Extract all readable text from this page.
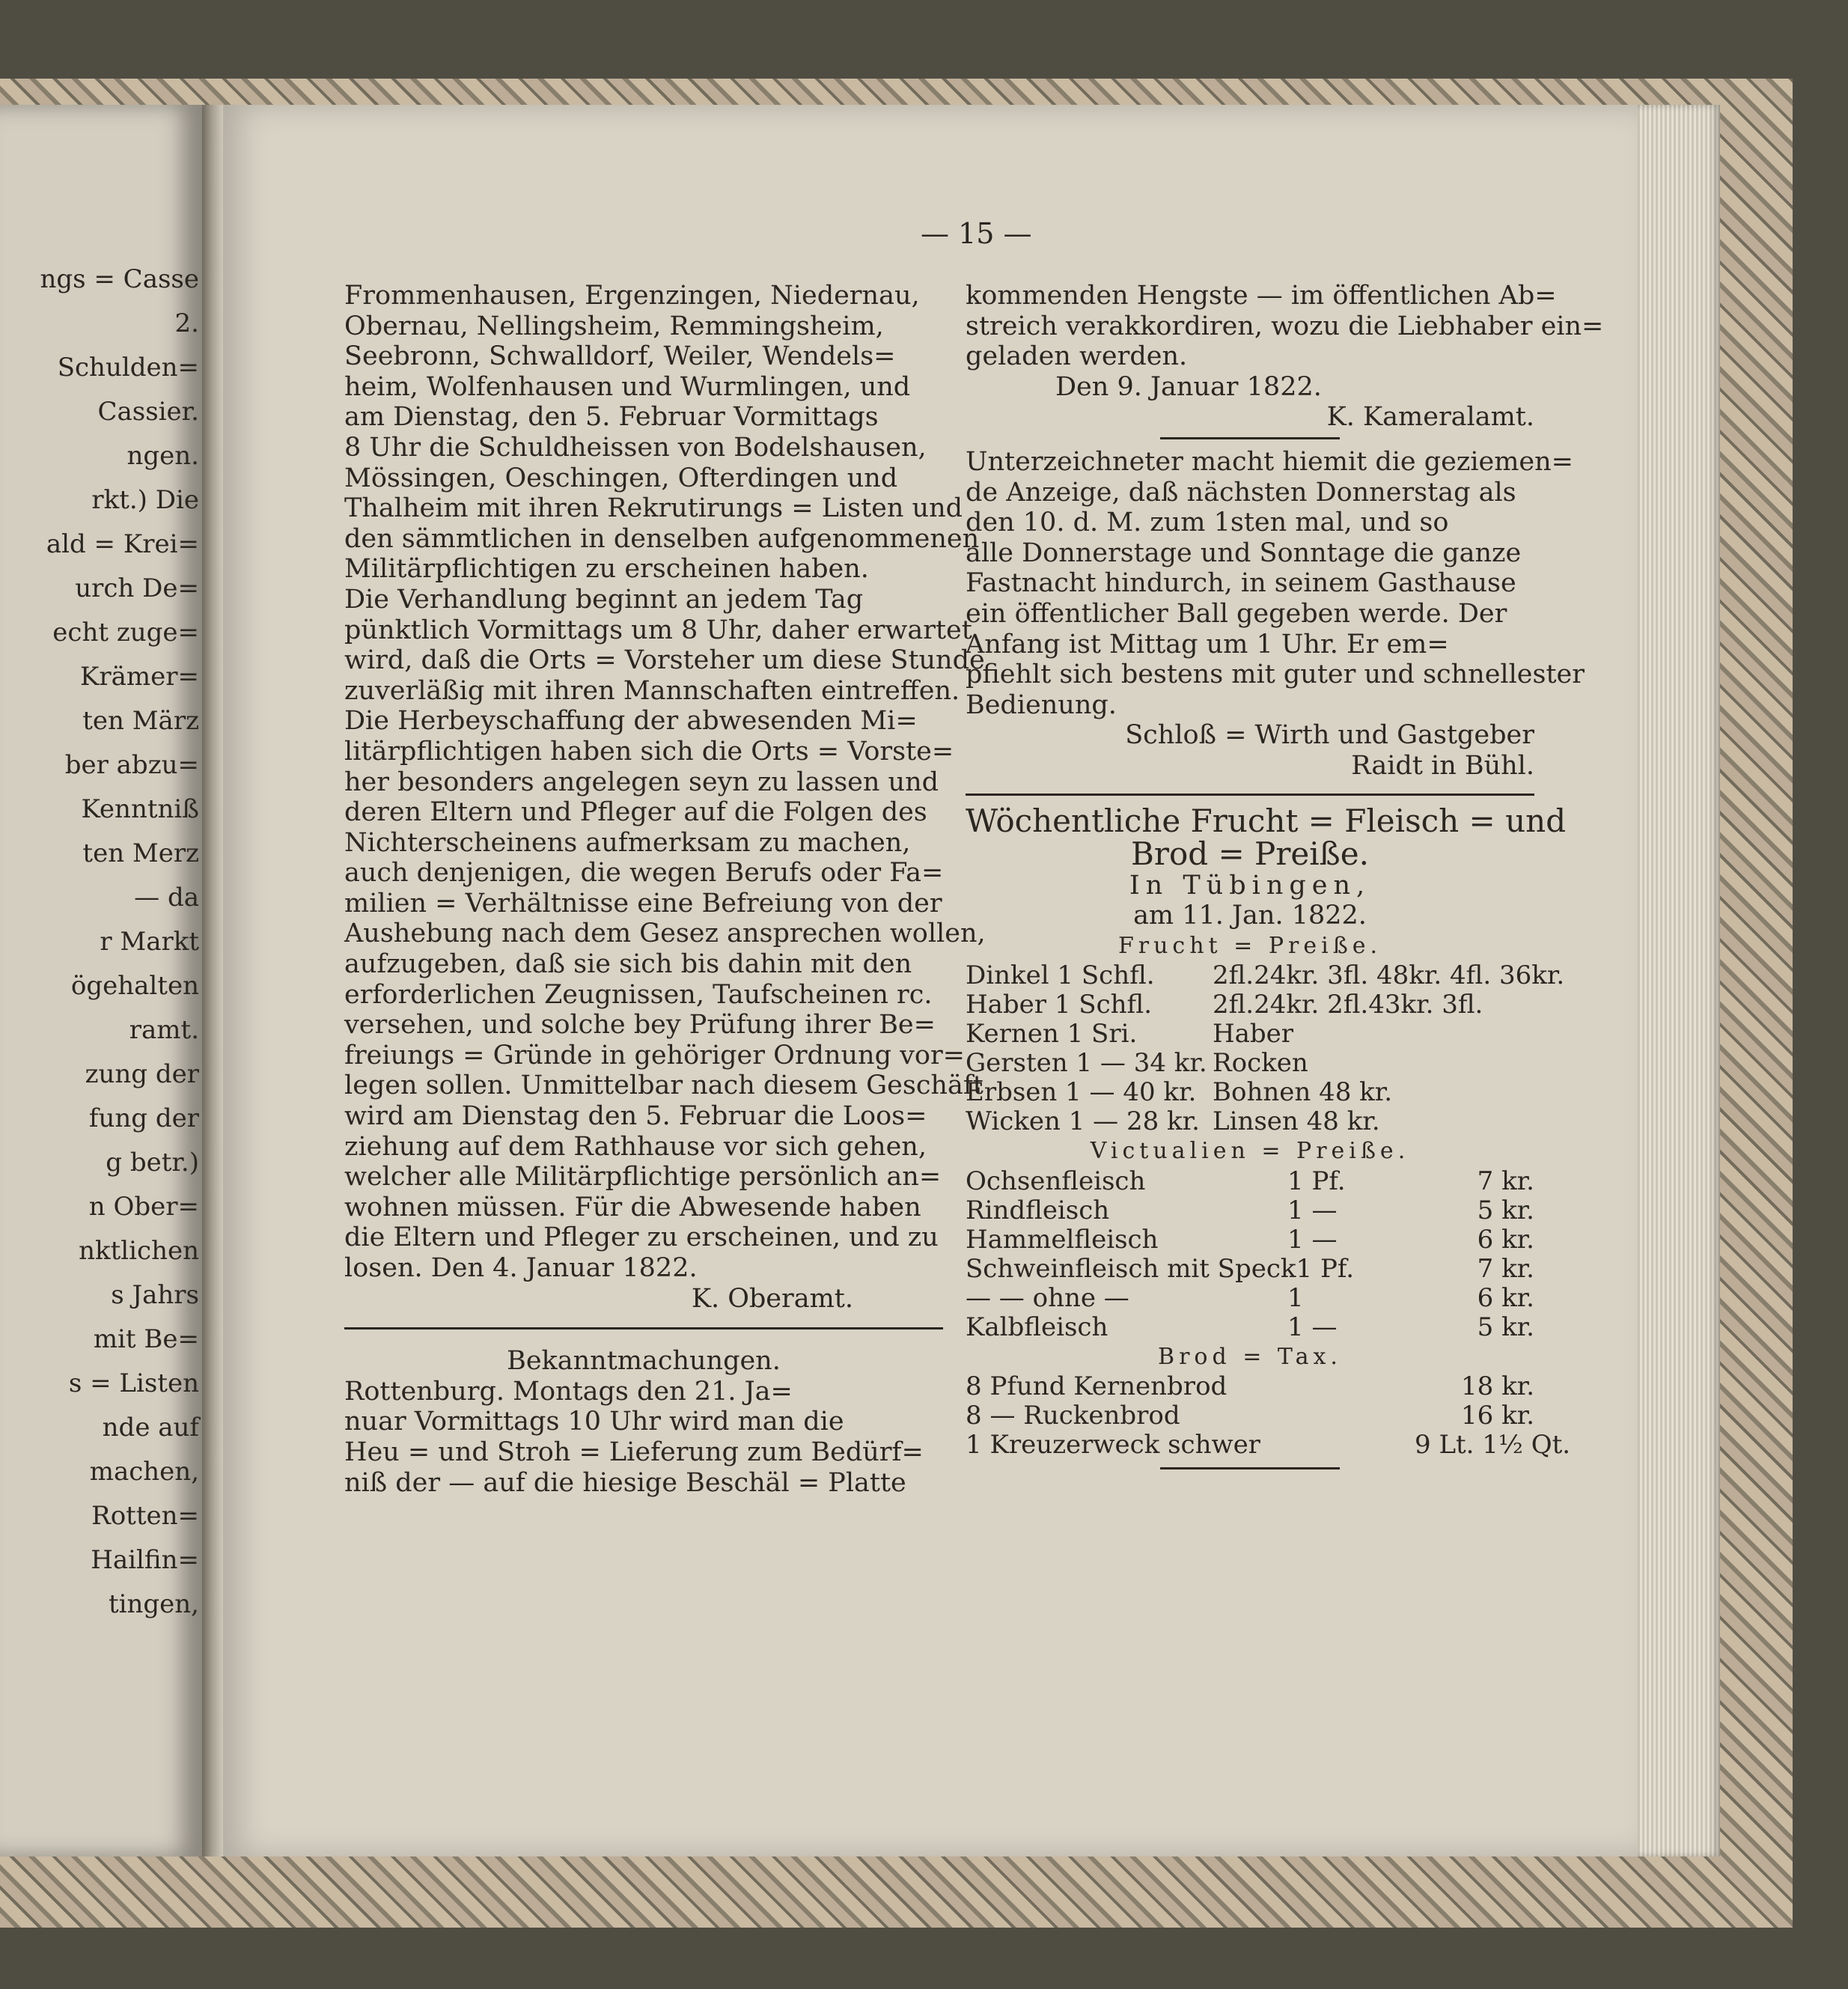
ngs = Casse
2.
Schulden=
Cassier.
ngen.
rkt.) Die
ald = Krei=
urch De=
echt zuge=
Krämer=
ten März
ber abzu=
Kenntniß
ten Merz
— da
r Markt
ögehalten
ramt.
zung der
fung der
g betr.)
n Ober=
nktlichen
s Jahrs
mit Be=
s = Listen
nde auf
machen,
Rotten=
Hailfin=
tingen,
— 15 —
Frommenhausen, Ergenzingen, Niedernau,
Obernau, Nellingsheim, Remmingsheim,
Seebronn, Schwalldorf, Weiler, Wendels=
heim, Wolfenhausen und Wurmlingen, und
am Dienstag, den 5. Februar Vormittags
8 Uhr die Schuldheissen von Bodelshausen,
Mössingen, Oeschingen, Ofterdingen und
Thalheim mit ihren Rekrutirungs = Listen und
den sämmtlichen in denselben aufgenommenen
Militärpflichtigen zu erscheinen haben.
Die Verhandlung beginnt an jedem Tag
pünktlich Vormittags um 8 Uhr, daher erwartet
wird, daß die Orts = Vorsteher um diese Stunde
zuverläßig mit ihren Mannschaften eintreffen.
Die Herbeyschaffung der abwesenden Mi=
litärpflichtigen haben sich die Orts = Vorste=
her besonders angelegen seyn zu lassen und
deren Eltern und Pfleger auf die Folgen des
Nichterscheinens aufmerksam zu machen,
auch denjenigen, die wegen Berufs oder Fa=
milien = Verhältnisse eine Befreiung von der
Aushebung nach dem Gesez ansprechen wollen,
aufzugeben, daß sie sich bis dahin mit den
erforderlichen Zeugnissen, Taufscheinen rc.
versehen, und solche bey Prüfung ihrer Be=
freiungs = Gründe in gehöriger Ordnung vor=
legen sollen. Unmittelbar nach diesem Geschäft
wird am Dienstag den 5. Februar die Loos=
ziehung auf dem Rathhause vor sich gehen,
welcher alle Militärpflichtige persönlich an=
wohnen müssen. Für die Abwesende haben
die Eltern und Pfleger zu erscheinen, und zu
losen. Den 4. Januar 1822.
K. Oberamt.
Bekanntmachungen.
Rottenburg. Montags den 21. Ja=
nuar Vormittags 10 Uhr wird man die
Heu = und Stroh = Lieferung zum Bedürf=
niß der — auf die hiesige Beschäl = Platte
kommenden Hengste — im öffentlichen Ab=
streich verakkordiren, wozu die Liebhaber ein=
geladen werden.
Den 9. Januar 1822.
K. Kameralamt.
Unterzeichneter macht hiemit die geziemen=
de Anzeige, daß nächsten Donnerstag als
den 10. d. M. zum 1sten mal, und so
alle Donnerstage und Sonntage die ganze
Fastnacht hindurch, in seinem Gasthause
ein öffentlicher Ball gegeben werde. Der
Anfang ist Mittag um 1 Uhr. Er em=
pfiehlt sich bestens mit guter und schnellester
Bedienung.
Schloß = Wirth und Gastgeber
Raidt in Bühl.
Wöchentliche Frucht = Fleisch = und
Brod = Preiße.
In Tübingen,
am 11. Jan. 1822.
Frucht = Preiße.
Dinkel 1 Schfl.	2fl.24kr. 3fl. 48kr. 4fl. 36kr.
Haber 1 Schfl.	2fl.24kr. 2fl.43kr. 3fl.
Kernen 1 Sri.	Haber
Gersten 1 — 34 kr. Rocken
Erbsen 1 — 40 kr. Bohnen 48 kr.
Wicken 1 — 28 kr. Linsen 48 kr.
Victualien = Preiße.
Ochsenfleisch	1 Pf.	7 kr.
Rindfleisch	1 —	5 kr.
Hammelfleisch	1 —	6 kr.
Schweinfleisch mit Speck 1 Pf.	7 kr.
— — ohne —	1	6 kr.
Kalbfleisch	1 —	5 kr.
Brod = Tax.
8 Pfund Kernenbrod	18 kr.
8 — Ruckenbrod	16 kr.
1 Kreuzerweck schwer	9 Lt. 1½ Qt.
